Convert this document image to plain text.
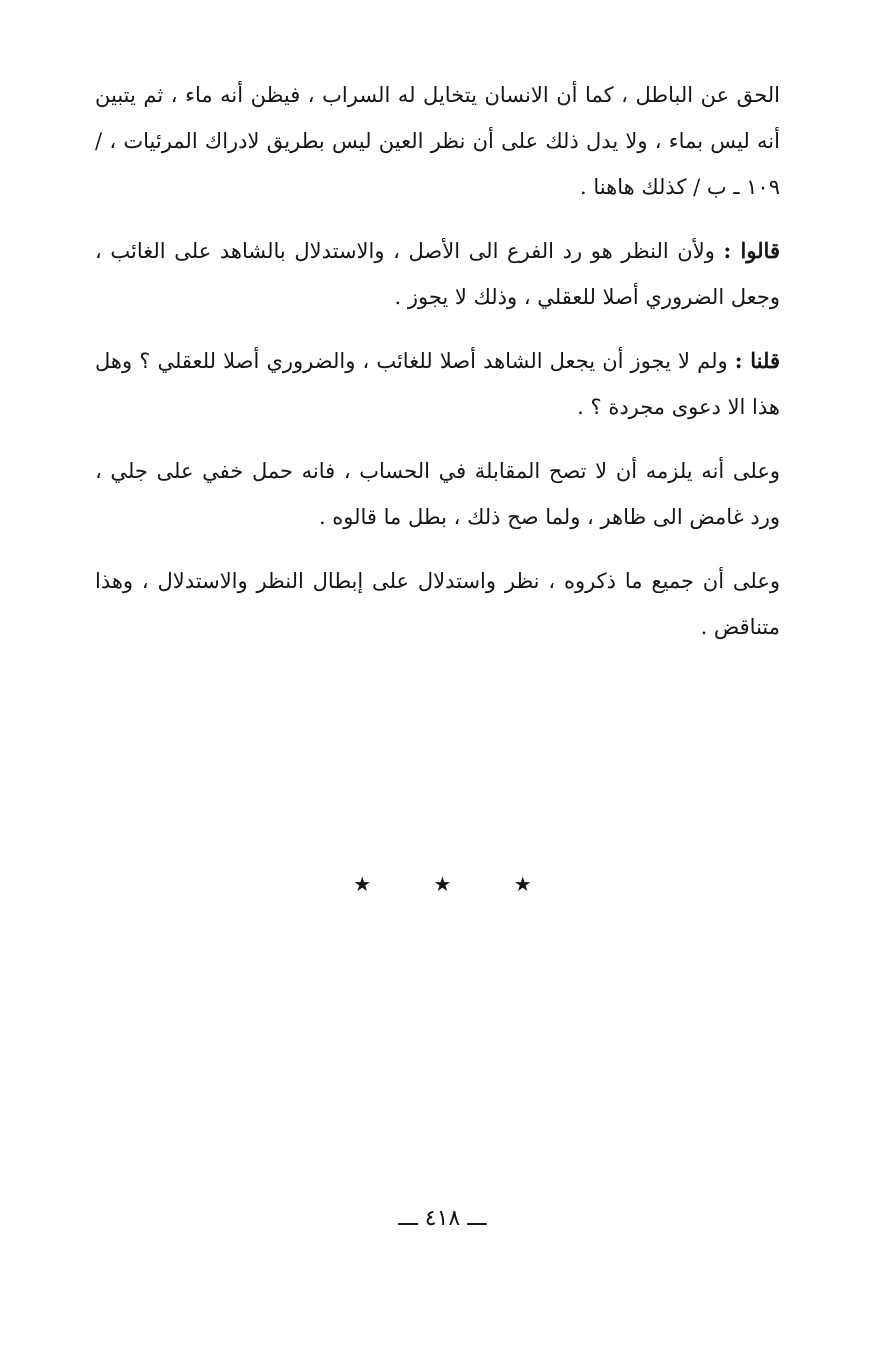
الحق عن الباطل ، كما أن الانسان يتخايل له السراب ، فيظن أنه ماء ، ثم يتبين أنه ليس بماء ، ولا يدل ذلك على أن نظر العين ليس بطريق لادراك المرئيات ، / ١٠٩ ـ ب / كذلك هاهنا .

قالوا : ولأن النظر هو رد الفرع الى الأصل ، والاستدلال بالشاهد على الغائب ، وجعل الضروري أصلا للعقلي ، وذلك لا يجوز .

قلنا : ولم لا يجوز أن يجعل الشاهد أصلا للغائب ، والضروري أصلا للعقلي ؟ وهل هذا الا دعوى مجردة ؟ .

وعلى أنه يلزمه أن لا تصح المقابلة في الحساب ، فانه حمل خفي على جلي ، ورد غامض الى ظاهر ، ولما صح ذلك ، بطل ما قالوه .

وعلى أن جميع ما ذكروه ، نظر واستدلال على إبطال النظر والاستدلال ، وهذا متناقض .

★ ★ ★
ـــ ٤١٨ ـــ
